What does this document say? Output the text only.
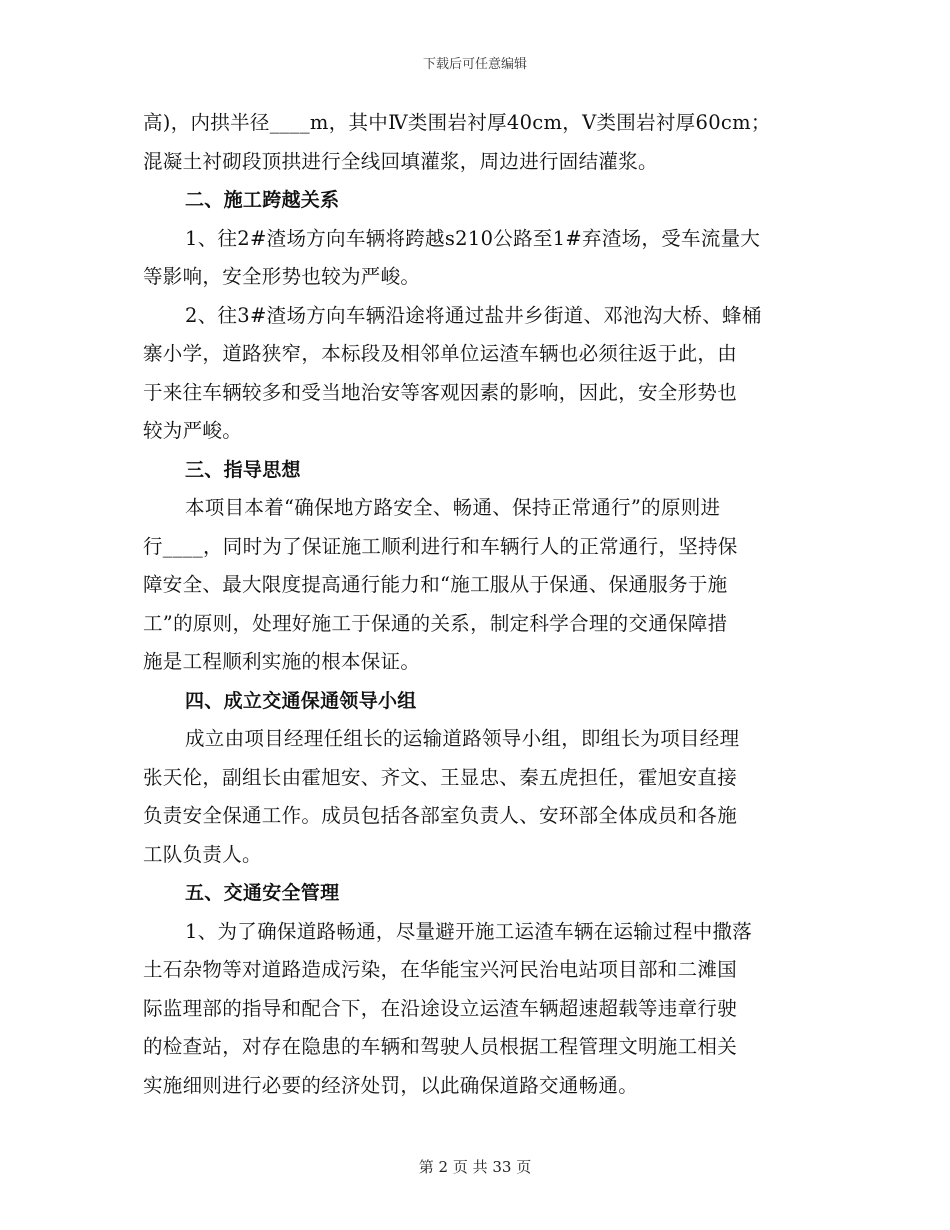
下载后可任意编辑
高)，内拱半径____m，其中Ⅳ类围岩衬厚40cm，Ⅴ类围岩衬厚60cm；
混凝土衬砌段顶拱进行全线回填灌浆，周边进行固结灌浆。
二、施工跨越关系
1、往2#渣场方向车辆将跨越s210公路至1#弃渣场，受车流量大
等影响，安全形势也较为严峻。
2、往3#渣场方向车辆沿途将通过盐井乡街道、邓池沟大桥、蜂桶
寨小学，道路狭窄，本标段及相邻单位运渣车辆也必须往返于此，由
于来往车辆较多和受当地治安等客观因素的影响，因此，安全形势也
较为严峻。
三、指导思想
本项目本着“确保地方路安全、畅通、保持正常通行”的原则进
行____，同时为了保证施工顺利进行和车辆行人的正常通行，坚持保
障安全、最大限度提高通行能力和“施工服从于保通、保通服务于施
工”的原则，处理好施工于保通的关系，制定科学合理的交通保障措
施是工程顺利实施的根本保证。
四、成立交通保通领导小组
成立由项目经理任组长的运输道路领导小组，即组长为项目经理
张天伦，副组长由霍旭安、齐文、王显忠、秦五虎担任，霍旭安直接
负责安全保通工作。成员包括各部室负责人、安环部全体成员和各施
工队负责人。
五、交通安全管理
1、为了确保道路畅通，尽量避开施工运渣车辆在运输过程中撒落
土石杂物等对道路造成污染，在华能宝兴河民治电站项目部和二滩国
际监理部的指导和配合下，在沿途设立运渣车辆超速超载等违章行驶
的检查站，对存在隐患的车辆和驾驶人员根据工程管理文明施工相关
实施细则进行必要的经济处罚，以此确保道路交通畅通。
第 2 页 共 33 页
